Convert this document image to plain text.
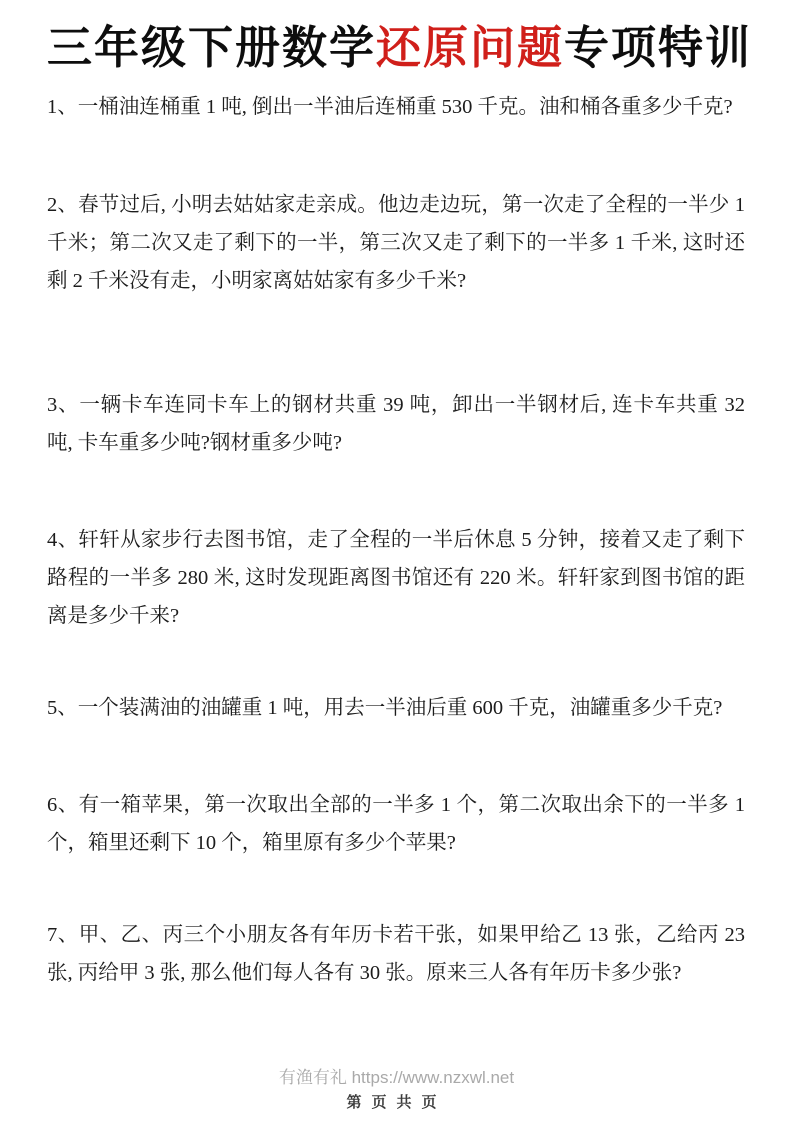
三年级下册数学还原问题专项特训

1、一桶油连桶重 1 吨, 倒出一半油后连桶重 530 千克。油和桶各重多少千克?

2、春节过后, 小明去姑姑家走亲成。他边走边玩，第一次走了全程的一半少 1 千米；第二次又走了剩下的一半，第三次又走了剩下的一半多 1 千米, 这时还剩 2 千米没有走，小明家离姑姑家有多少千米?

3、一辆卡车连同卡车上的钢材共重 39 吨，卸出一半钢材后, 连卡车共重 32 吨, 卡车重多少吨?钢材重多少吨?

4、轩轩从家步行去图书馆，走了全程的一半后休息 5 分钟，接着又走了剩下路程的一半多 280 米, 这时发现距离图书馆还有 220 米。轩轩家到图书馆的距离是多少千来?

5、一个装满油的油罐重 1 吨，用去一半油后重 600 千克，油罐重多少千克?

6、有一箱苹果，第一次取出全部的一半多 1 个，第二次取出余下的一半多 1 个，箱里还剩下 10 个，箱里原有多少个苹果?

7、甲、乙、丙三个小朋友各有年历卡若干张，如果甲给乙 13 张，乙给丙 23 张, 丙给甲 3 张, 那么他们每人各有 30 张。原来三人各有年历卡多少张?

有渔有礼 https://www.nzxwl.net

第页共页
